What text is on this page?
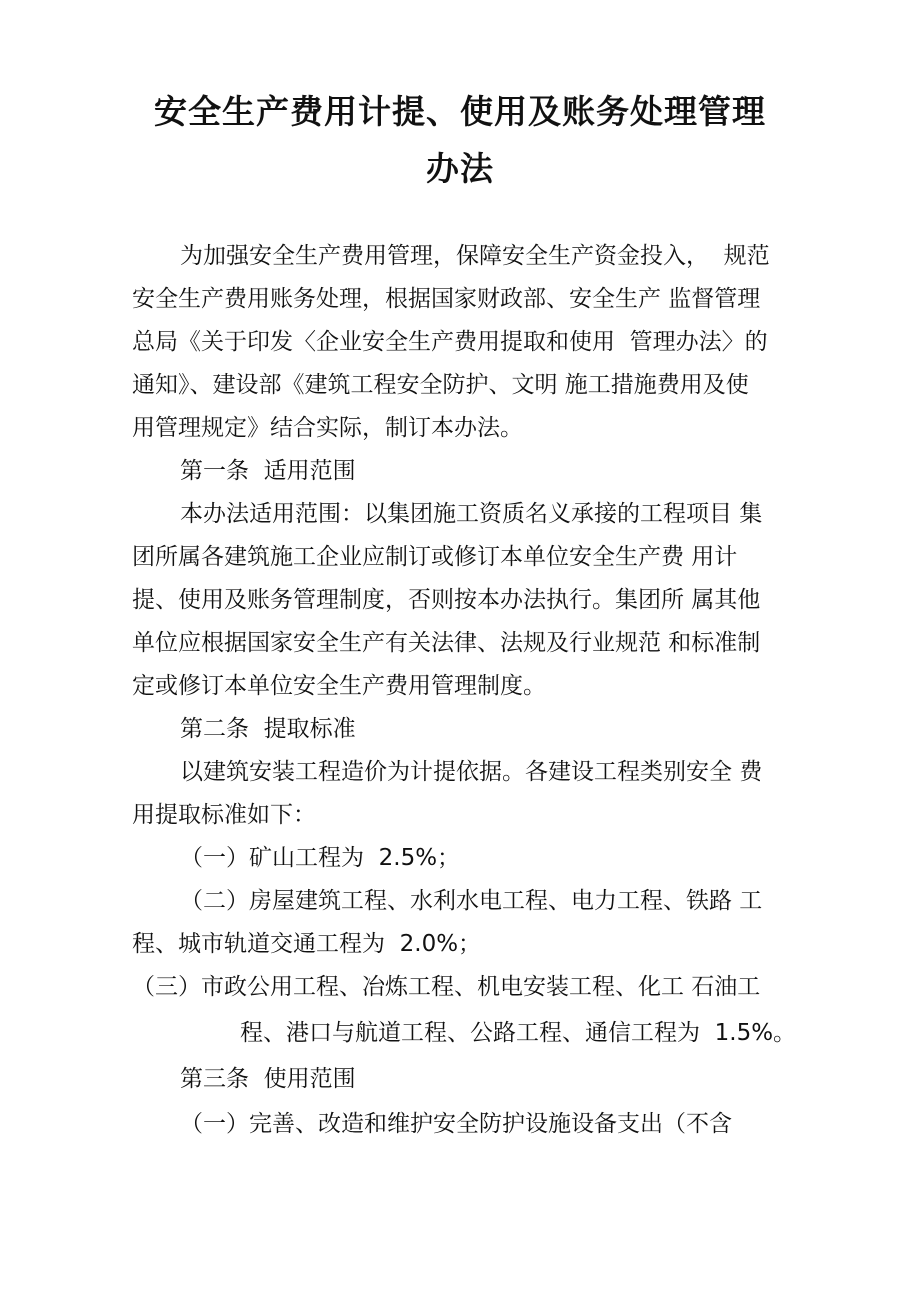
安全生产费用计提、使用及账务处理管理
办法

为加强安全生产费用管理，保障安全生产资金投入，  规范

安全生产费用账务处理，根据国家财政部、安全生产 监督管理

总局《关于印发〈企业安全生产费用提取和使用  管理办法〉的

通知》、建设部《建筑工程安全防护、文明 施工措施费用及使

用管理规定》结合实际，制订本办法。

第一条  适用范围

本办法适用范围：以集团施工资质名义承接的工程项目 集

团所属各建筑施工企业应制订或修订本单位安全生产费 用计

提、使用及账务管理制度，否则按本办法执行。集团所 属其他

单位应根据国家安全生产有关法律、法规及行业规范 和标准制

定或修订本单位安全生产费用管理制度。

第二条  提取标准

以建筑安装工程造价为计提依据。各建设工程类别安全 费

用提取标准如下：

（一）矿山工程为  2.5%；

（二）房屋建筑工程、水利水电工程、电力工程、铁路 工

程、城市轨道交通工程为  2.0%；

（三）市政公用工程、冶炼工程、机电安装工程、化工 石油工

程、港口与航道工程、公路工程、通信工程为  1.5%。

第三条  使用范围

（一）完善、改造和维护安全防护设施设备支出（不含
